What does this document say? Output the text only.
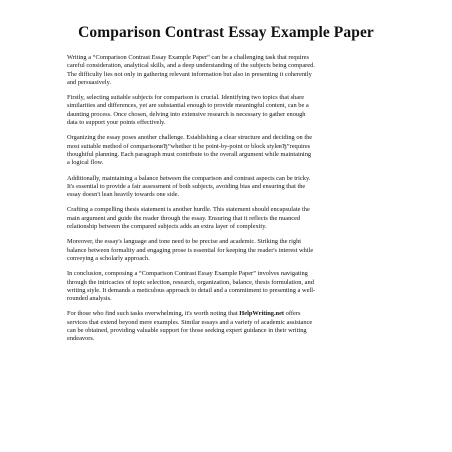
Comparison Contrast Essay Example Paper

Writing a “Comparison Contrast Essay Example Paper” can be a challenging task that requires
careful consideration, analytical skills, and a deep understanding of the subjects being compared.
The difficulty lies not only in gathering relevant information but also in presenting it coherently
and persuasively.

Firstly, selecting suitable subjects for comparison is crucial. Identifying two topics that share
similarities and differences, yet are substantial enough to provide meaningful content, can be a
daunting process. Once chosen, delving into extensive research is necessary to gather enough
data to support your points effectively.

Organizing the essay poses another challenge. Establishing a clear structure and deciding on the
most suitable method of comparisonвЂ”whether it be point-by-point or block styleвЂ”requires
thoughtful planning. Each paragraph must contribute to the overall argument while maintaining
a logical flow.

Additionally, maintaining a balance between the comparison and contrast aspects can be tricky.
It's essential to provide a fair assessment of both subjects, avoiding bias and ensuring that the
essay doesn't lean heavily towards one side.

Crafting a compelling thesis statement is another hurdle. This statement should encapsulate the
main argument and guide the reader through the essay. Ensuring that it reflects the nuanced
relationship between the compared subjects adds an extra layer of complexity.

Moreover, the essay's language and tone need to be precise and academic. Striking the right
balance between formality and engaging prose is essential for keeping the reader's interest while
conveying a scholarly approach.

In conclusion, composing a “Comparison Contrast Essay Example Paper” involves navigating
through the intricacies of topic selection, research, organization, balance, thesis formulation, and
writing style. It demands a meticulous approach to detail and a commitment to presenting a well-
rounded analysis.

For those who find such tasks overwhelming, it's worth noting that HelpWriting.net offers
services that extend beyond mere examples. Similar essays and a variety of academic assistance
can be obtained, providing valuable support for those seeking expert guidance in their writing
endeavors.
